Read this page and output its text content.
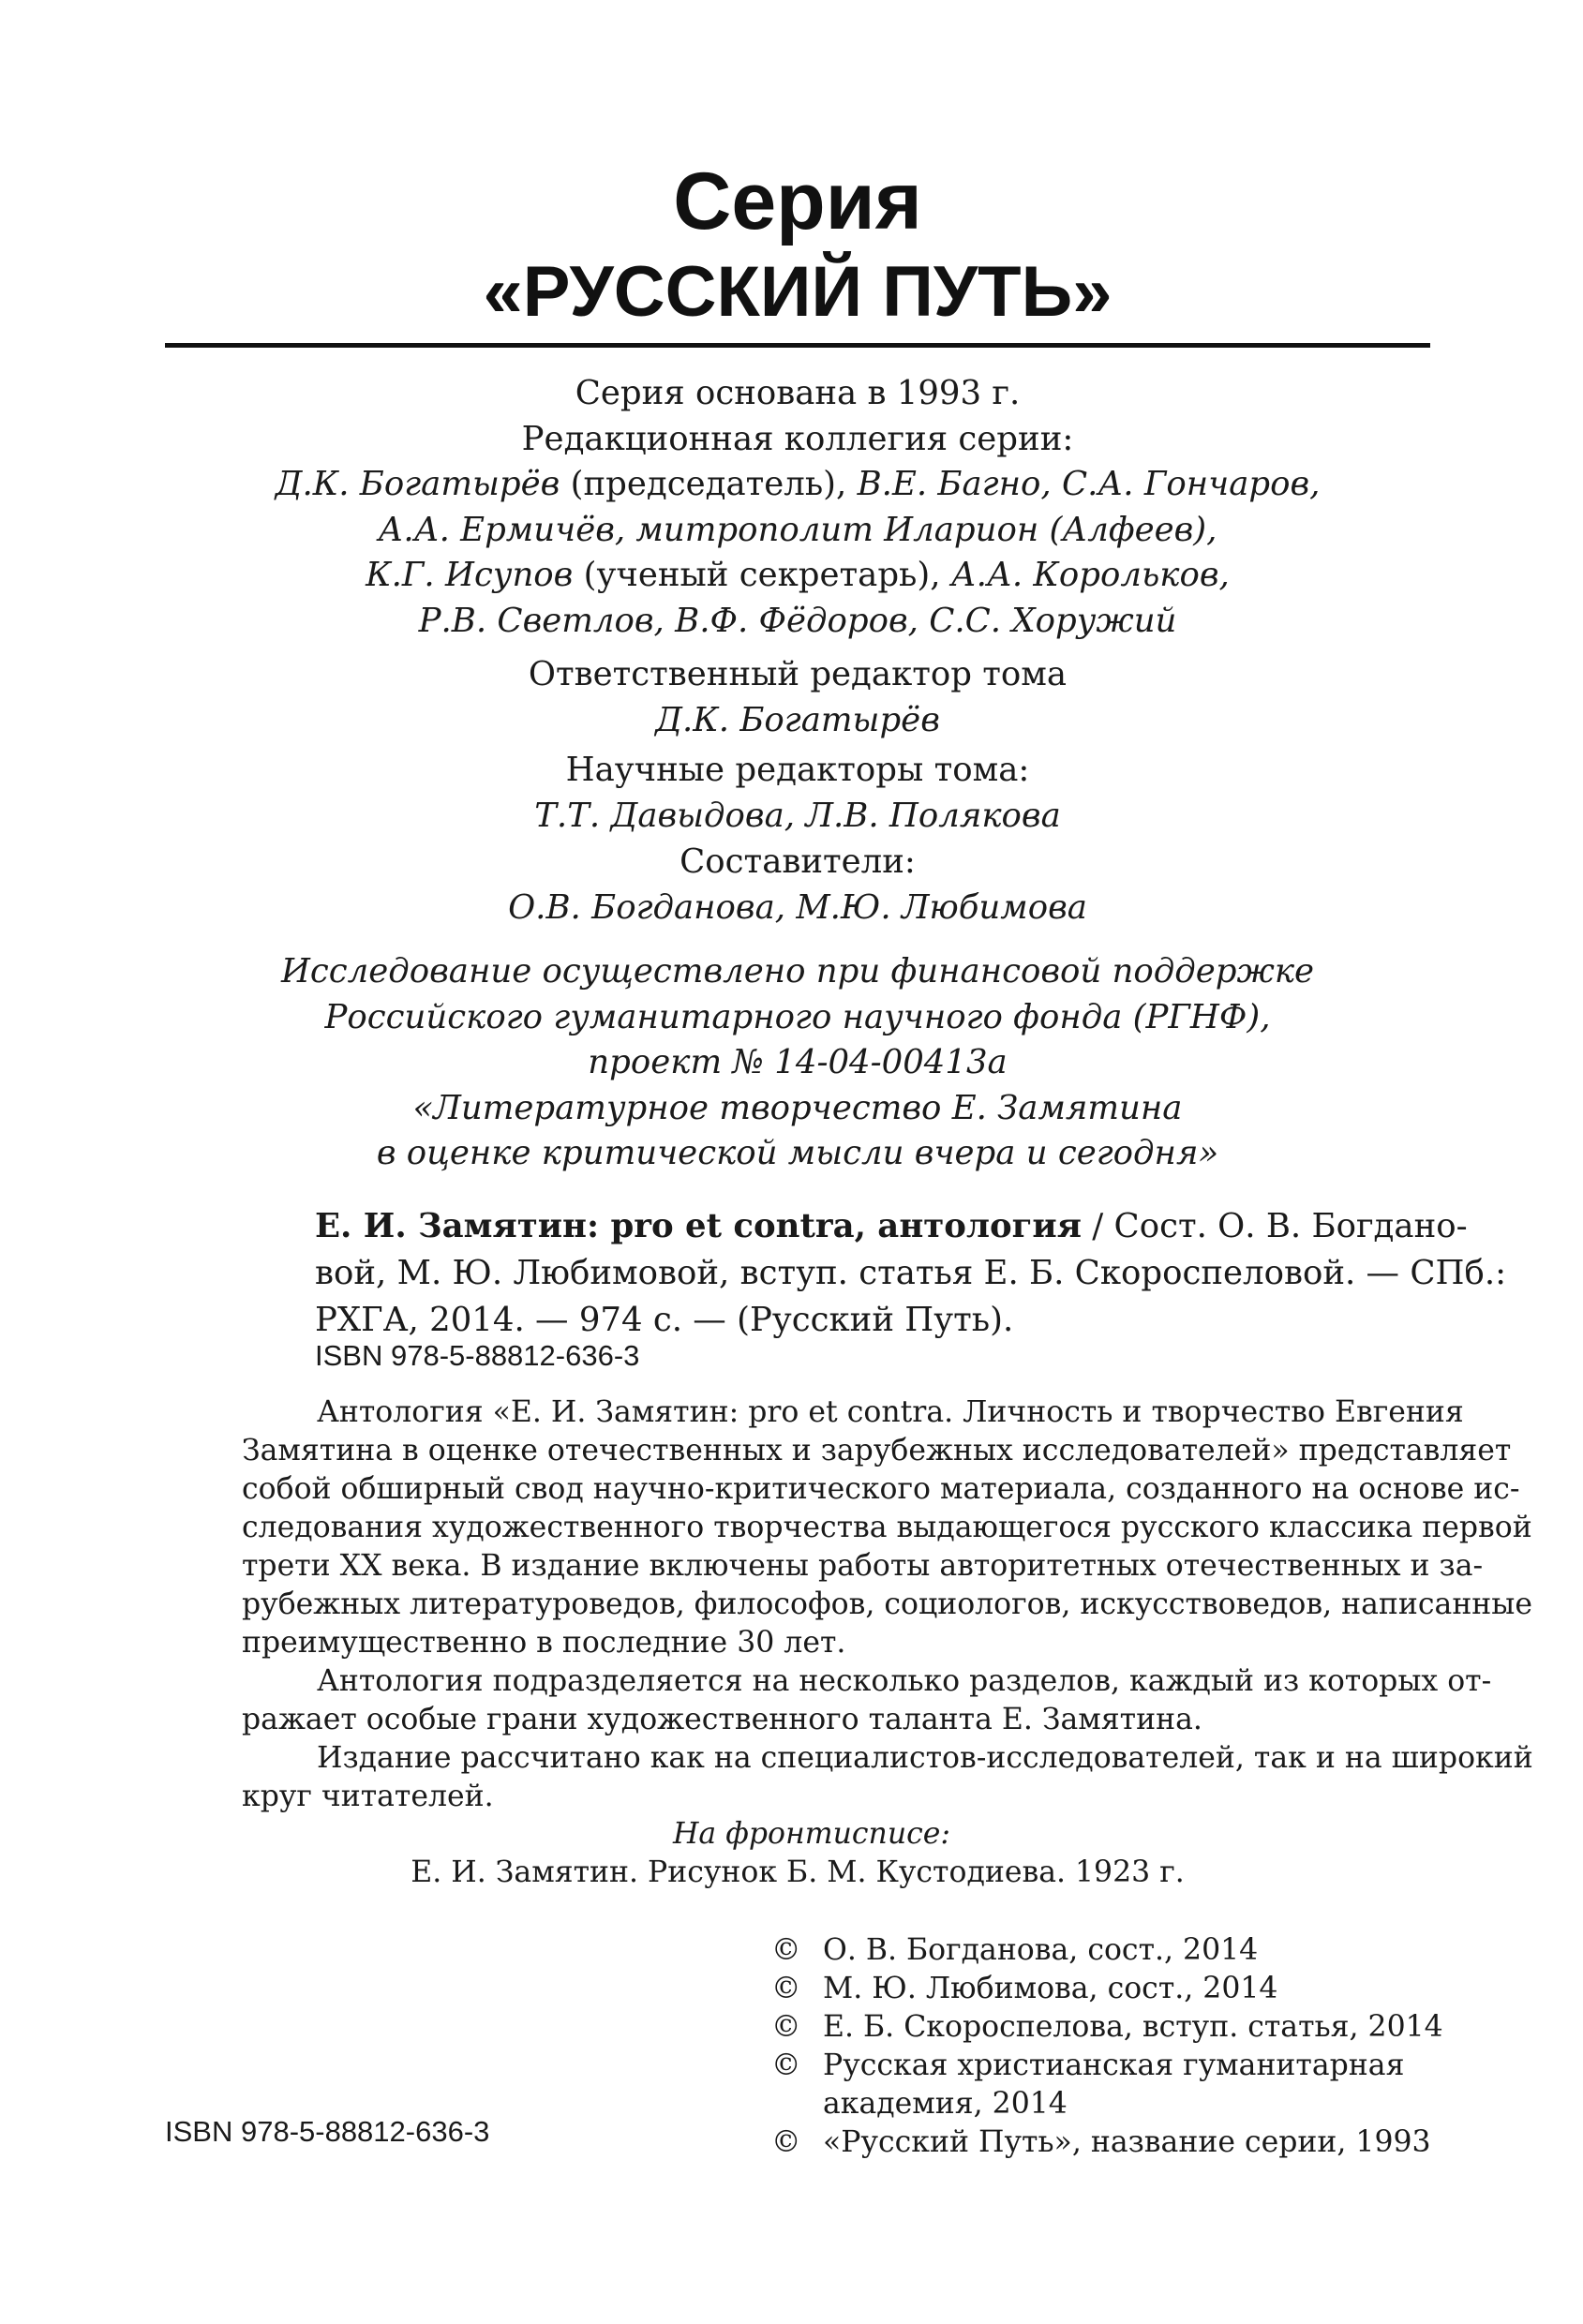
Серия
«РУССКИЙ ПУТЬ»
Серия основана в 1993 г.
Редакционная коллегия серии:
Д.К. Богатырёв (председатель), В.Е. Багно, С.А. Гончаров,
А.А. Ермичёв, митрополит Иларион (Алфеев),
К.Г. Исупов (ученый секретарь), А.А. Корольков,
Р.В. Светлов, В.Ф. Фёдоров, С.С. Хоружий
Ответственный редактор тома
Д.К. Богатырёв
Научные редакторы тома:
Т.Т. Давыдова, Л.В. Полякова
Составители:
О.В. Богданова, М.Ю. Любимова
Исследование осуществлено при финансовой поддержке
Российского гуманитарного научного фонда (РГНФ),
проект № 14-04-00413а
«Литературное творчество Е. Замятина
в оценке критической мысли вчера и сегодня»
Е. И. Замятин: pro et contra, антология / Сост. О. В. Богдано-
вой, М. Ю. Любимовой, вступ. статья Е. Б. Скороспеловой. — СПб.:
РХГА, 2014. — 974 с. — (Русский Путь).
ISBN 978-5-88812-636-3
Антология «Е. И. Замятин: pro et contra. Личность и творчество Евгения
Замятина в оценке отечественных и зарубежных исследователей» представляет
собой обширный свод научно-критического материала, созданного на основе ис-
следования художественного творчества выдающегося русского классика первой
трети XX века. В издание включены работы авторитетных отечественных и за-
рубежных литературоведов, философов, социологов, искусствоведов, написанные
преимущественно в последние 30 лет.
Антология подразделяется на несколько разделов, каждый из которых от-
ражает особые грани художественного таланта Е. Замятина.
Издание рассчитано как на специалистов-исследователей, так и на широкий
круг читателей.
На фронтисписе:
Е. И. Замятин. Рисунок Б. М. Кустодиева. 1923 г.
© О. В. Богданова, сост., 2014
© М. Ю. Любимова, сост., 2014
© Е. Б. Скороспелова, вступ. статья, 2014
© Русская христианская гуманитарная
академия, 2014
© «Русский Путь», название серии, 1993
ISBN 978-5-88812-636-3
